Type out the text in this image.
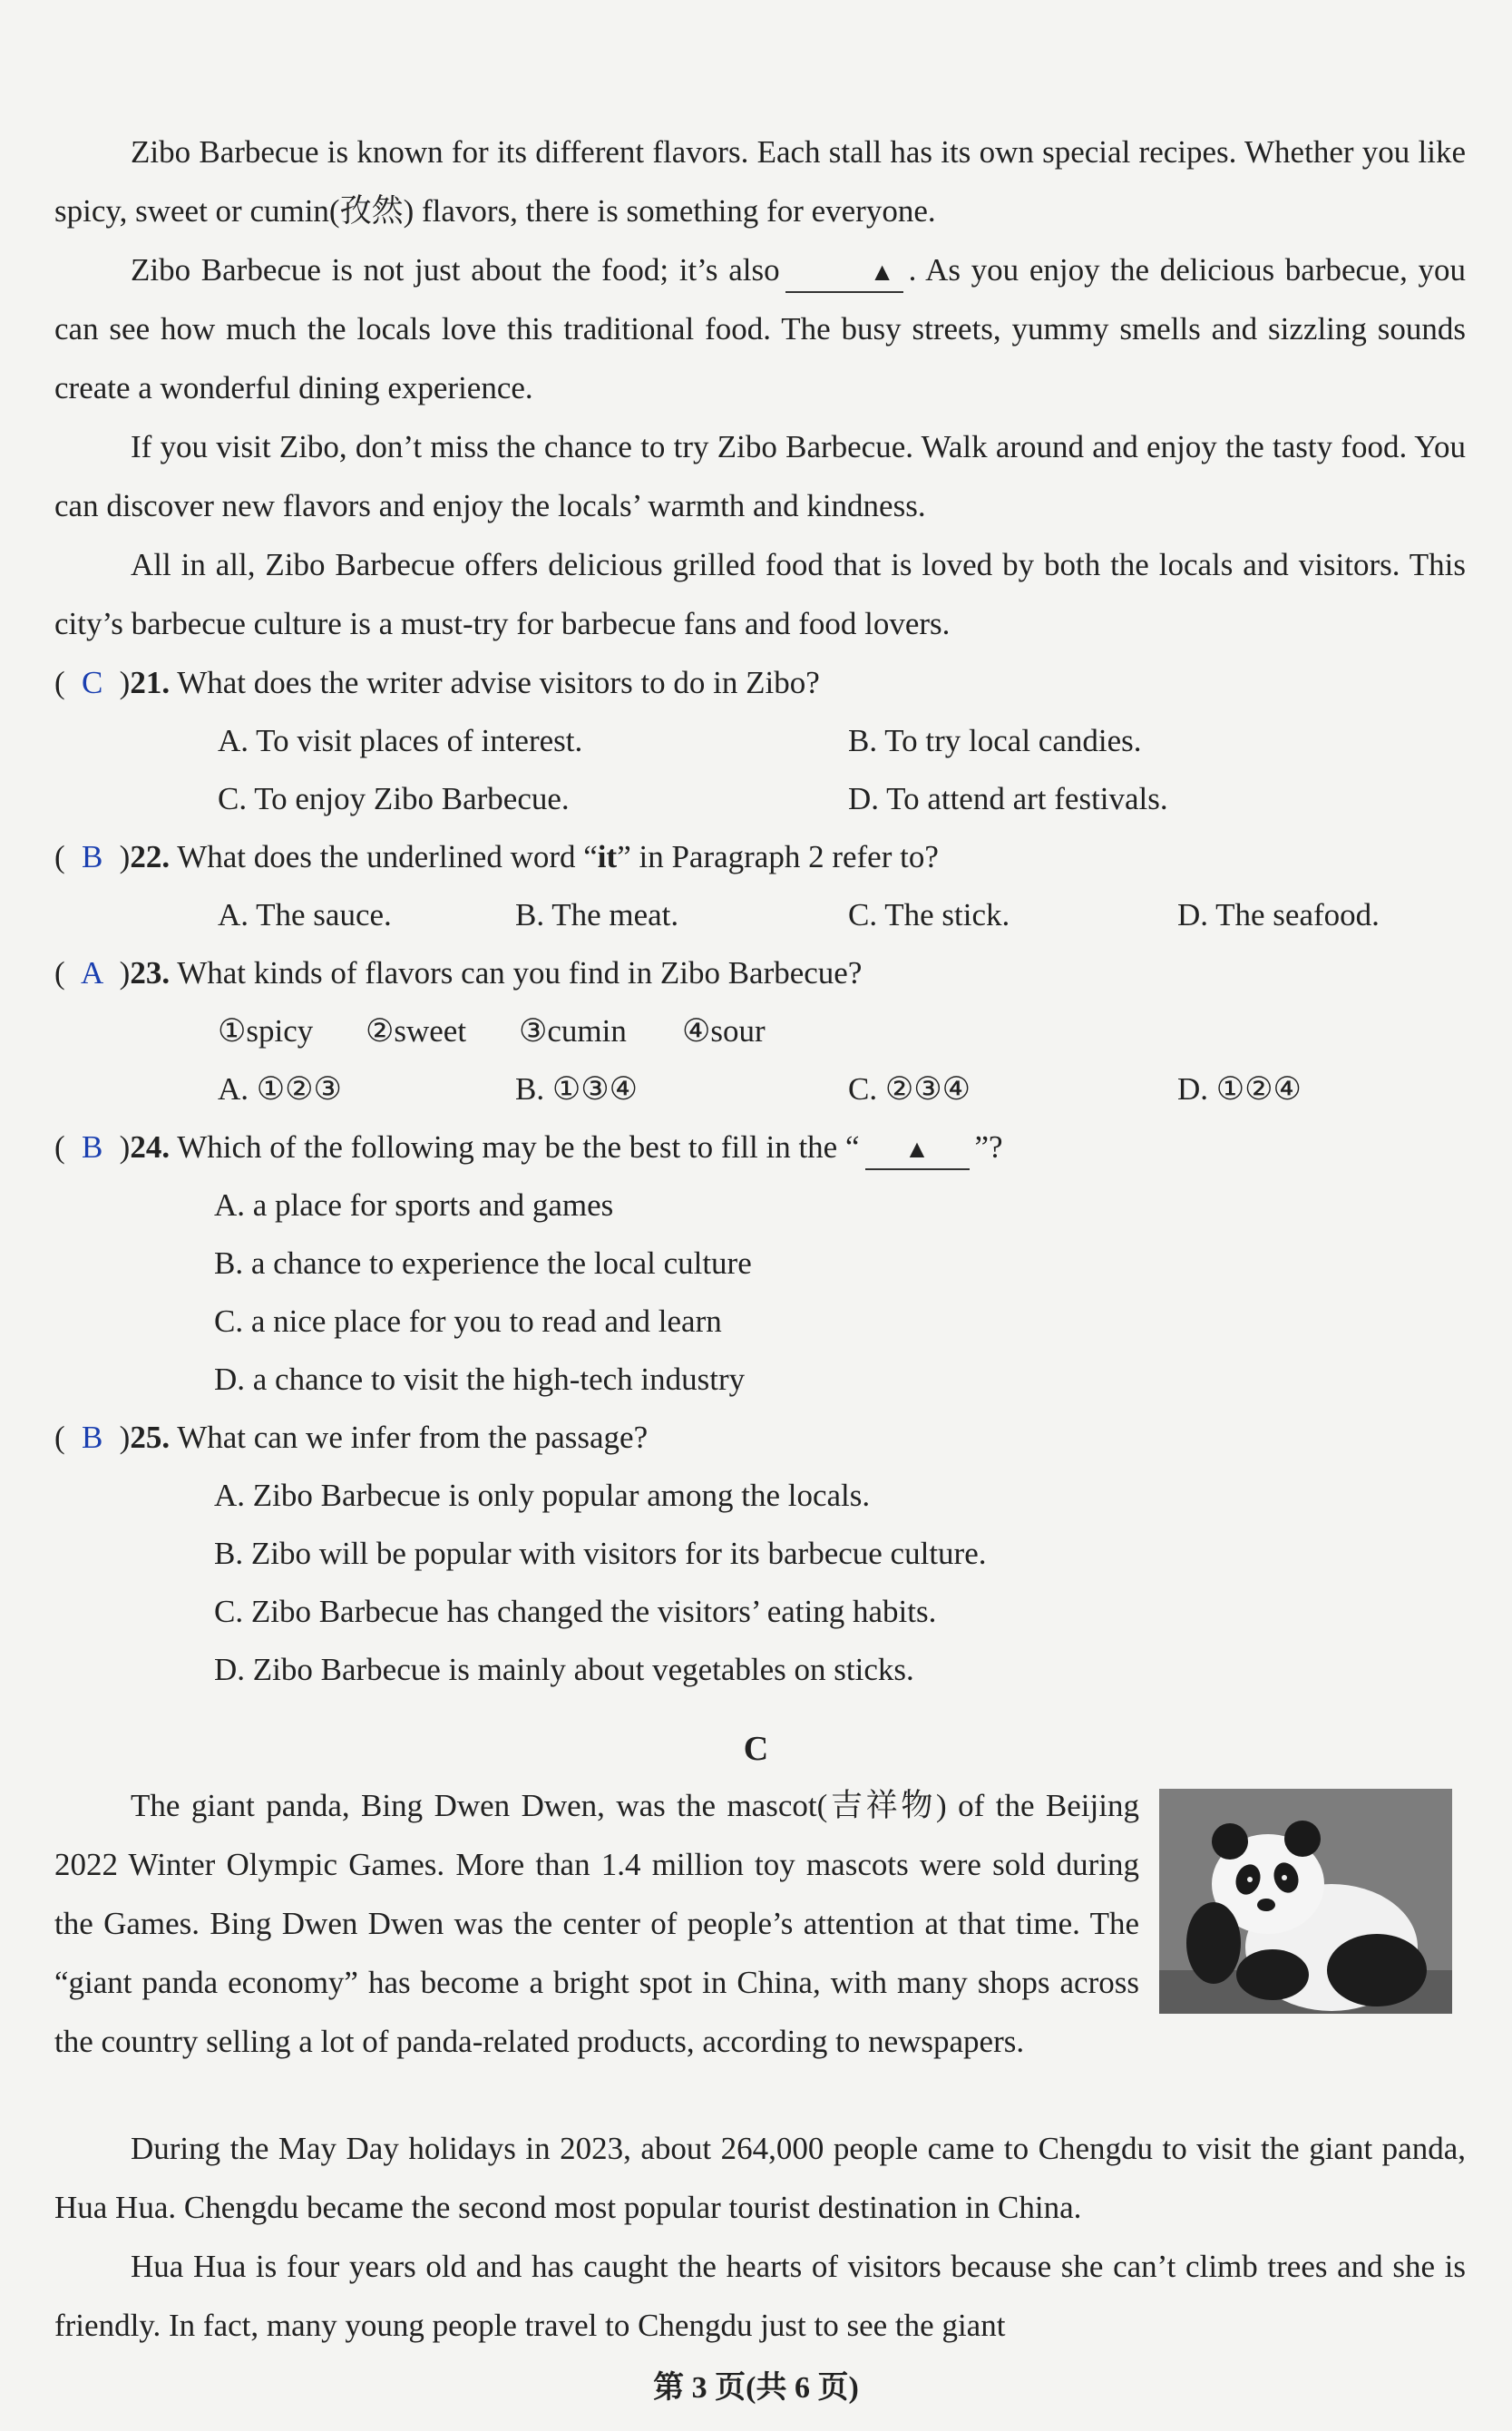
Zibo Barbecue is known for its different flavors. Each stall has its own special recipes. Whether you like spicy, sweet or cumin(孜然) flavors, there is something for everyone.

Zibo Barbecue is not just about the food; it’s also	▲ . As you enjoy the delicious barbecue, you can see how much the locals love this traditional food. The busy streets, yummy smells and sizzling sounds create a wonderful dining experience.

If you visit Zibo, don’t miss the chance to try Zibo Barbecue. Walk around and enjoy the tasty food. You can discover new flavors and enjoy the locals’ warmth and kindness.

All in all, Zibo Barbecue offers delicious grilled food that is loved by both the locals and visitors. This city’s barbecue culture is a must-try for barbecue fans and food lovers.

( C )21. What does the writer advise visitors to do in Zibo?
A. To visit places of interest.	B. To try local candies.
C. To enjoy Zibo Barbecue.	D. To attend art festivals.
( B )22. What does the underlined word “it” in Paragraph 2 refer to?
A. The sauce.	B. The meat.	C. The stick.	D. The seafood.
( A )23. What kinds of flavors can you find in Zibo Barbecue?
①spicy ②sweet ③cumin ④sour
A. ①②③	B. ①③④	C. ②③④	D. ①②④
( B )24. Which of the following may be the best to fill in the “ ▲ ”?
A. a place for sports and games
B. a chance to experience the local culture
C. a nice place for you to read and learn
D. a chance to visit the high-tech industry
( B )25. What can we infer from the passage?
A. Zibo Barbecue is only popular among the locals.
B. Zibo will be popular with visitors for its barbecue culture.
C. Zibo Barbecue has changed the visitors’ eating habits.
D. Zibo Barbecue is mainly about vegetables on sticks.
C

The giant panda, Bing Dwen Dwen, was the mascot(吉祥物) of the Beijing 2022 Winter Olympic Games. More than 1.4 million toy mascots were sold during the Games. Bing Dwen Dwen was the center of people’s attention at that time. The “giant panda economy” has become a bright spot in China, with many shops across the country selling a lot of panda-related products, according to newspapers.

During the May Day holidays in 2023, about 264,000 people came to Chengdu to visit the giant panda, Hua Hua. Chengdu became the second most popular tourist destination in China.

Hua Hua is four years old and has caught the hearts of visitors because she can’t climb trees and she is friendly. In fact, many young people travel to Chengdu just to see the giant

第 3 页(共 6 页)
